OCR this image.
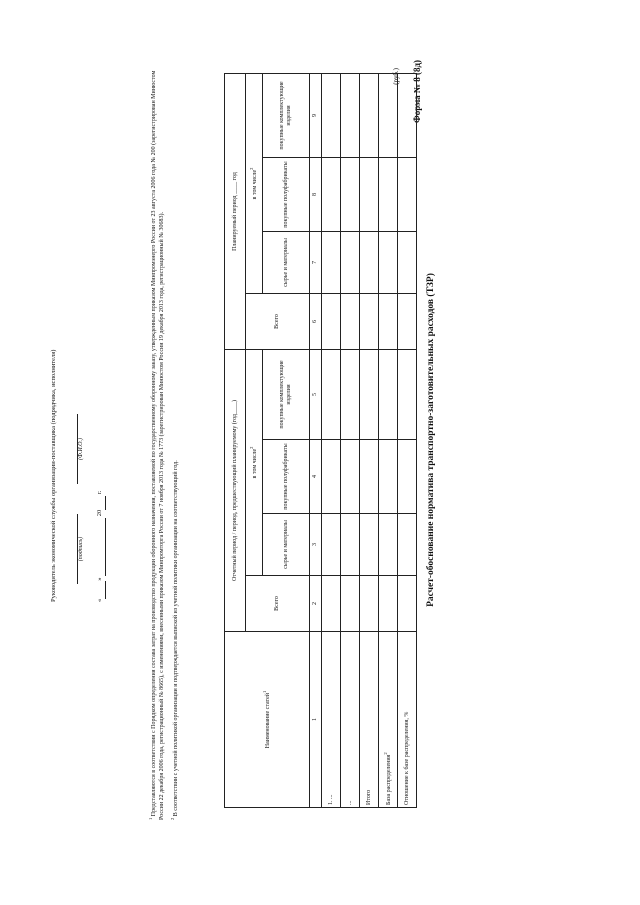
Форма № 8 (8д)
Расчет-обоснование норматива транспортно-заготовительных расходов (ТЗР)
(руб.)
Наименование статей$^1$	Отчетный период / период, предшествующий планируемому (год____)				Планируемый период ____ год			
	Всего	в том числе$^2$			Всего	в том числе$^2$
		сырье и материалы	покупные полуфабрикаты	покупные комплектующие изделия		сырье и материалы	покупные полуфабрикаты	покупные комплектующие изделия
1	2	3	4	5	6	7	8	9
1. ...								
...								
Итого								
База распределения$^2$								
Отношение к базе распределения, %								

$^1$ Представляются в соответствии с Порядком определения состава затрат на производство продукции оборонного назначения, поставляемой по государственному оборонному заказу, утвержденным приказом Минпромэнерго России от 23 августа 2006 года № 200 (зарегистрирован Минюстом России 22 декабря 2006 года, регистрационный № 8665), с изменениями, внесенными приказом Минпромторга России от 7 ноября 2013 года № 1773 (зарегистрирован Минюстом России 19 декабря 2013 года, регистрационный № 30683). $^2$ В соответствии с учетной политикой организации и подтверждается выпиской из учетной политики организации на соответствующий год.

Руководитель экономической службы организации-поставщика (подрядчика, исполнителя)
	(подпись)

(Ф.И.О.)
« »   20  г.
